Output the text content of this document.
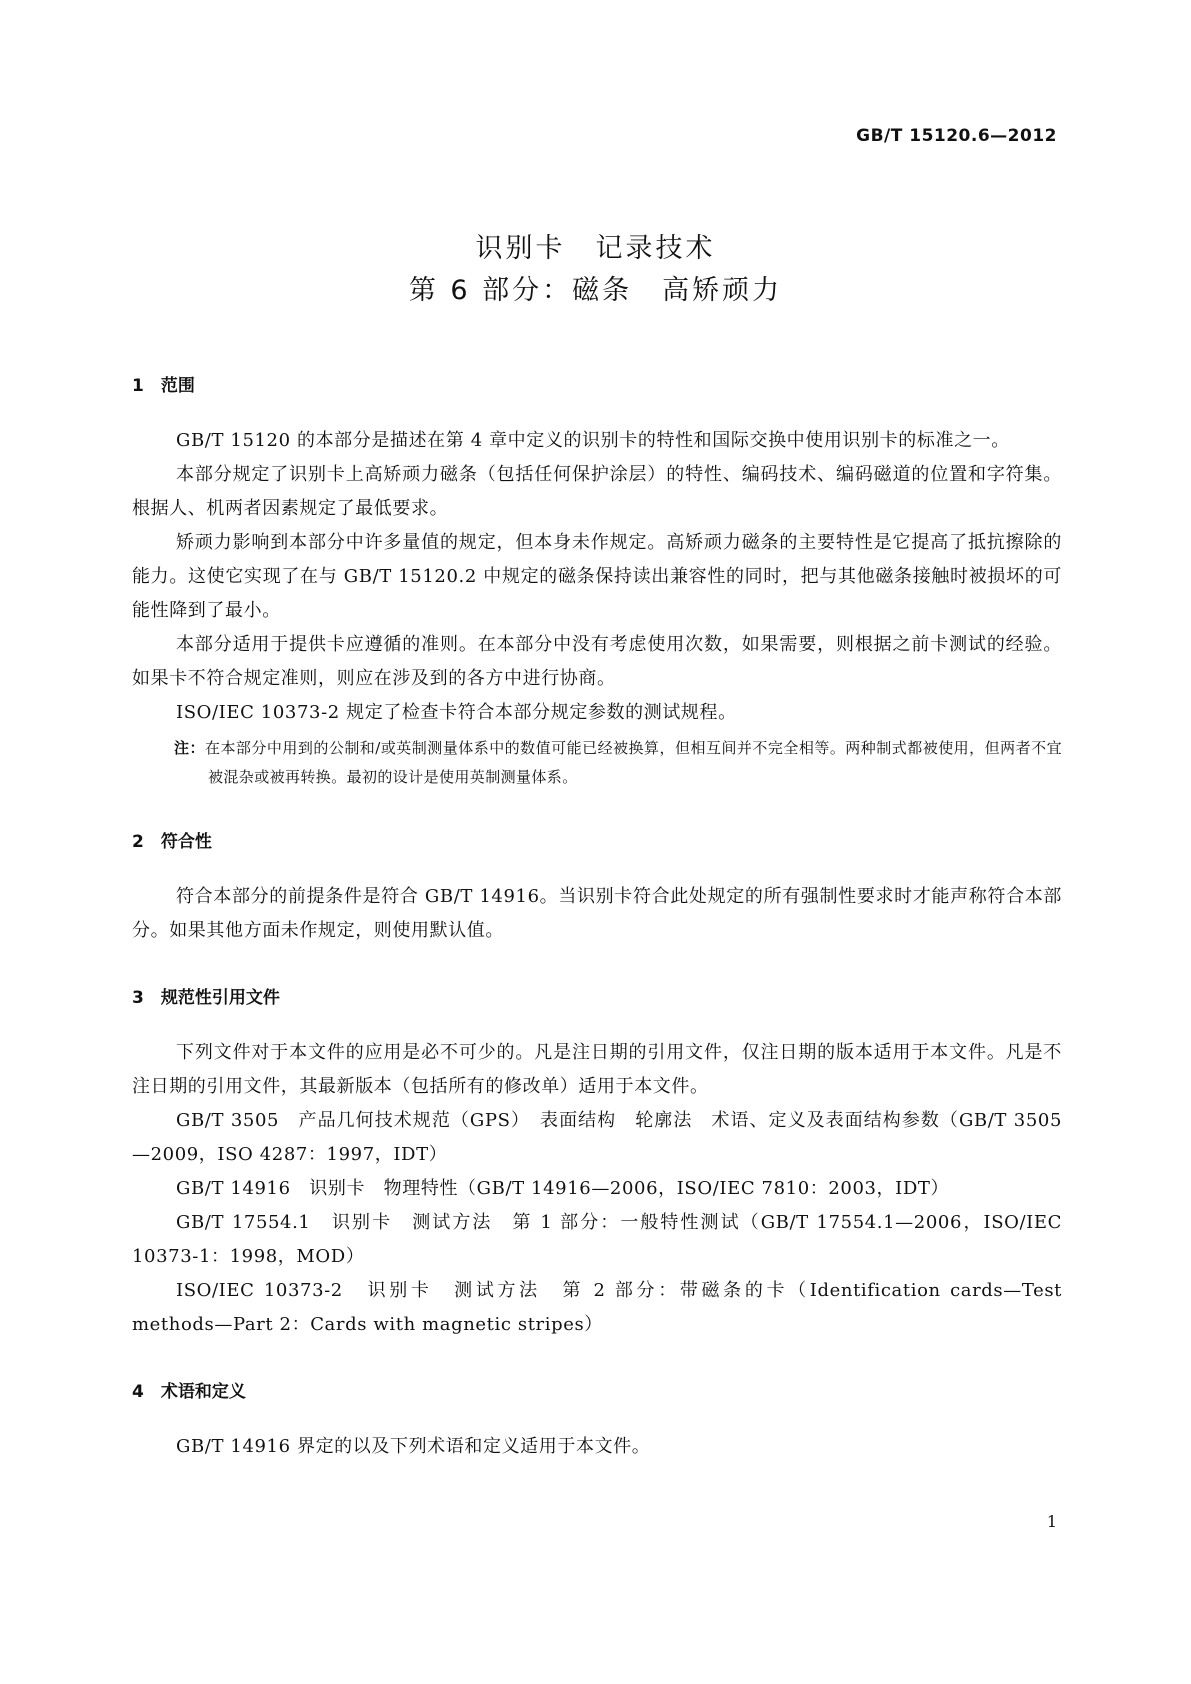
GB/T 15120.6—2012
识别卡　记录技术
第 6 部分：磁条　高矫顽力
1　范围

GB/T 15120 的本部分是描述在第 4 章中定义的识别卡的特性和国际交换中使用识别卡的标准之一。

本部分规定了识别卡上高矫顽力磁条（包括任何保护涂层）的特性、编码技术、编码磁道的位置和字符集。根据人、机两者因素规定了最低要求。

矫顽力影响到本部分中许多量值的规定，但本身未作规定。高矫顽力磁条的主要特性是它提高了抵抗擦除的能力。这使它实现了在与 GB/T 15120.2 中规定的磁条保持读出兼容性的同时，把与其他磁条接触时被损坏的可能性降到了最小。

本部分适用于提供卡应遵循的准则。在本部分中没有考虑使用次数，如果需要，则根据之前卡测试的经验。如果卡不符合规定准则，则应在涉及到的各方中进行协商。

ISO/IEC 10373-2 规定了检查卡符合本部分规定参数的测试规程。

注：在本部分中用到的公制和/或英制测量体系中的数值可能已经被换算，但相互间并不完全相等。两种制式都被使用，但两者不宜被混杂或被再转换。最初的设计是使用英制测量体系。

2　符合性

符合本部分的前提条件是符合 GB/T 14916。当识别卡符合此处规定的所有强制性要求时才能声称符合本部分。如果其他方面未作规定，则使用默认值。

3　规范性引用文件

下列文件对于本文件的应用是必不可少的。凡是注日期的引用文件，仅注日期的版本适用于本文件。凡是不注日期的引用文件，其最新版本（包括所有的修改单）适用于本文件。

GB/T 3505　产品几何技术规范（GPS）　表面结构　轮廓法　术语、定义及表面结构参数（GB/T 3505—2009，ISO 4287：1997，IDT）

GB/T 14916　识别卡　物理特性（GB/T 14916—2006，ISO/IEC 7810：2003，IDT）

GB/T 17554.1　识别卡　测试方法　第 1 部分：一般特性测试（GB/T 17554.1—2006，ISO/IEC 10373-1：1998，MOD）

ISO/IEC 10373-2　识别卡　测试方法　第 2 部分：带磁条的卡（Identification cards—Test methods—Part 2：Cards with magnetic stripes）

4　术语和定义

GB/T 14916 界定的以及下列术语和定义适用于本文件。

1
